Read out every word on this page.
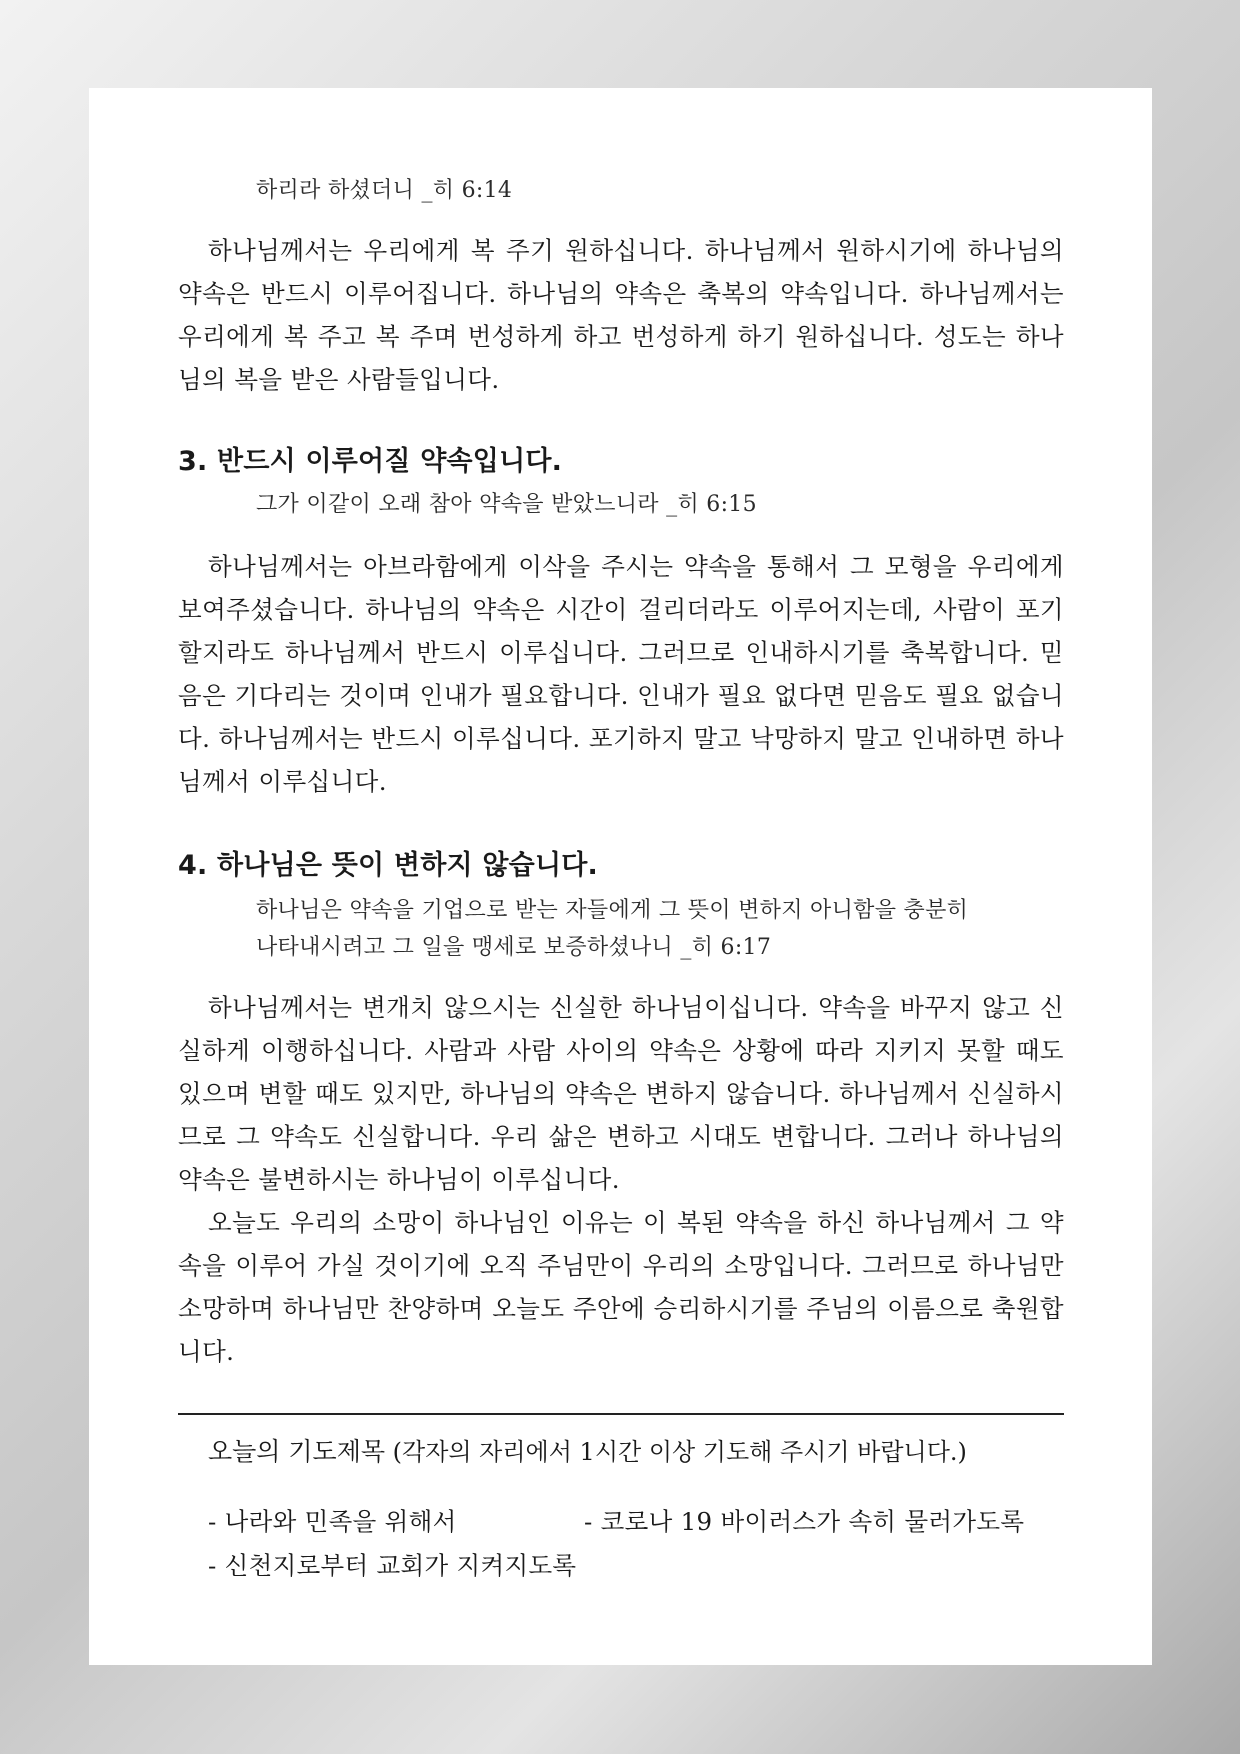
하리라 하셨더니 _히 6:14

하나님께서는 우리에게 복 주기 원하십니다. 하나님께서 원하시기에 하나님의 약속은 반드시 이루어집니다. 하나님의 약속은 축복의 약속입니다. 하나님께서는 우리에게 복 주고 복 주며 번성하게 하고 번성하게 하기 원하십니다. 성도는 하나님의 복을 받은 사람들입니다.

3. 반드시 이루어질 약속입니다.
그가 이같이 오래 참아 약속을 받았느니라 _히 6:15

하나님께서는 아브라함에게 이삭을 주시는 약속을 통해서 그 모형을 우리에게 보여주셨습니다. 하나님의 약속은 시간이 걸리더라도 이루어지는데, 사람이 포기할지라도 하나님께서 반드시 이루십니다. 그러므로 인내하시기를 축복합니다. 믿음은 기다리는 것이며 인내가 필요합니다. 인내가 필요 없다면 믿음도 필요 없습니다. 하나님께서는 반드시 이루십니다. 포기하지 말고 낙망하지 말고 인내하면 하나님께서 이루십니다.

4. 하나님은 뜻이 변하지 않습니다.
하나님은 약속을 기업으로 받는 자들에게 그 뜻이 변하지 아니함을 충분히
나타내시려고 그 일을 맹세로 보증하셨나니 _히 6:17

하나님께서는 변개치 않으시는 신실한 하나님이십니다. 약속을 바꾸지 않고 신실하게 이행하십니다. 사람과 사람 사이의 약속은 상황에 따라 지키지 못할 때도 있으며 변할 때도 있지만, 하나님의 약속은 변하지 않습니다. 하나님께서 신실하시므로 그 약속도 신실합니다. 우리 삶은 변하고 시대도 변합니다. 그러나 하나님의 약속은 불변하시는 하나님이 이루십니다.

오늘도 우리의 소망이 하나님인 이유는 이 복된 약속을 하신 하나님께서 그 약속을 이루어 가실 것이기에 오직 주님만이 우리의 소망입니다. 그러므로 하나님만 소망하며 하나님만 찬양하며 오늘도 주안에 승리하시기를 주님의 이름으로 축원합니다.

오늘의 기도제목 (각자의 자리에서 1시간 이상 기도해 주시기 바랍니다.)
- 나라와 민족을 위해서	- 코로나 19 바이러스가 속히 물러가도록
- 신천지로부터 교회가 지켜지도록
